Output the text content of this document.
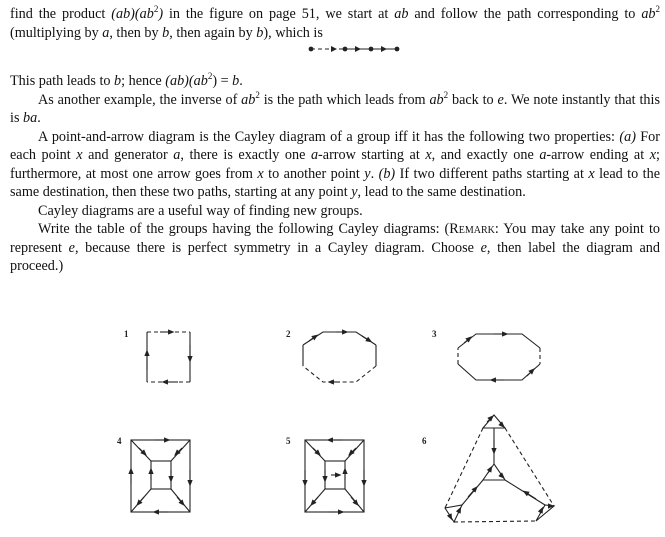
find the product $(ab)(ab^2)$ in the figure on page 51, we start at ab and follow the path corresponding to $ab^2$ (multiplying by a, then by b, then again by b), which is

This path leads to b; hence $(ab)(ab^2) = b$.

As another example, the inverse of $ab^2$ is the path which leads from $ab^2$ back to e. We note instantly that this is ba.

A point-and-arrow diagram is the Cayley diagram of a group iff it has the following two properties: (a) For each point x and generator a, there is exactly one a-arrow starting at x, and exactly one a-arrow ending at x; furthermore, at most one arrow goes from x to another point y. (b) If two different paths starting at x lead to the same destination, then these two paths, starting at any point y, lead to the same destination.

Cayley diagrams are a useful way of finding new groups.

Write the table of the groups having the following Cayley diagrams: (Remark: You may take any point to represent e, because there is perfect symmetry in a Cayley diagram. Choose e, then label the diagram and proceed.)

1	2	3
4	5	6
